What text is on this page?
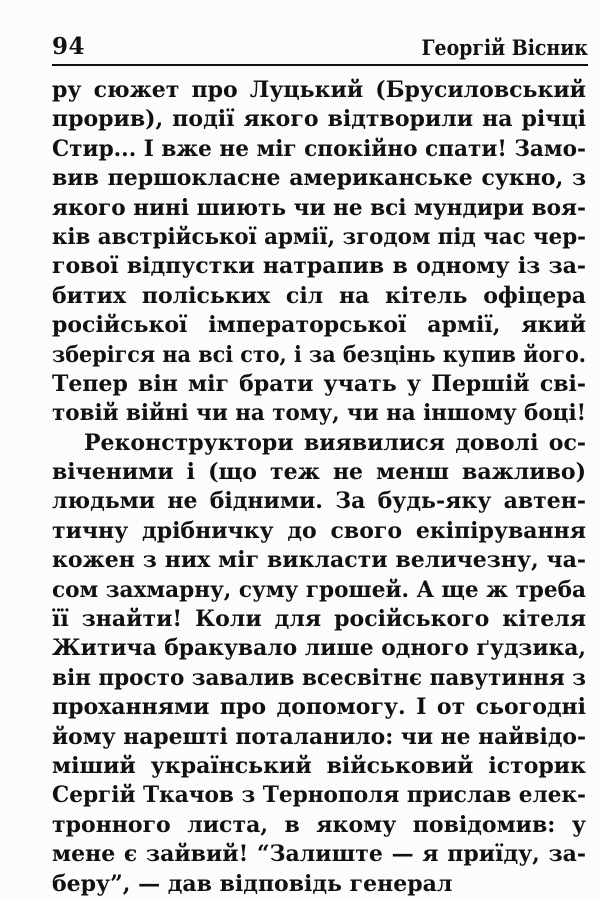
94	Георгій Вісник
ру сюжет про Луцький (Брусиловський
прорив), події якого відтворили на річці
Стир... І вже не міг спокійно спати! Замо-
вив першокласне американське сукно, з
якого нині шиють чи не всі мундири воя-
ків австрійської армії, згодом під час чер-
гової відпустки натрапив в одному із за-
битих поліських сіл на кітель офіцера
російської імператорської армії, який
зберігся на всі сто, і за безцінь купив його.
Тепер він міг брати учать у Першій сві-
товій війні чи на тому, чи на іншому боці!
Реконструктори виявилися доволі ос-
віченими і (що теж не менш важливо)
людьми не бідними. За будь-яку автен-
тичну дрібничку до свого екіпірування
кожен з них міг викласти величезну, ча-
сом захмарну, суму грошей. А ще ж треба
її знайти! Коли для російського кітеля
Житича бракувало лише одного ґудзика,
він просто завалив всесвітнє павутиння з
проханнями про допомогу. І от сьогодні
йому нарешті поталанило: чи не найвідо-
міший український військовий історик
Сергій Ткачов з Тернополя прислав елек-
тронного листа, в якому повідомив: у
мене є зайвий! “Залиште — я приїду, за-
беру”, — дав відповідь генерал
